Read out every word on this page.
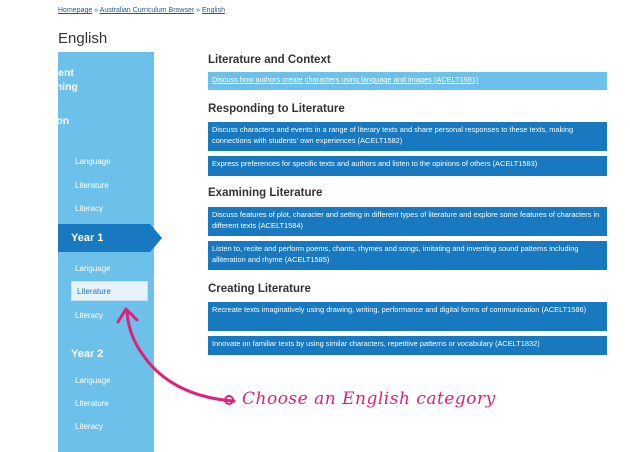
Homepage » Australian Curriculum Browser » English
English
Assessment
and Planning
Foundation
Year
Language
Literature
Literacy
Year 1
Language
Literature
Literacy
Year 2
Language
Literature
Literacy
Literature and Context
Discuss how authors create characters using language and images (ACELT1581)
Responding to Literature
Discuss characters and events in a range of literary texts and share personal responses to these texts, making connections with students' own experiences (ACELT1582)
Express preferences for specific texts and authors and listen to the opinions of others (ACELT1583)
Examining Literature
Discuss features of plot, character and setting in different types of literature and explore some features of characters in different texts (ACELT1584)
Listen to, recite and perform poems, chants, rhymes and songs, imitating and inventing sound patterns including alliteration and rhyme (ACELT1585)
Creating Literature
Recreate texts imaginatively using drawing, writing, performance and digital forms of communication (ACELT1586)
Innovate on familiar texts by using similar characters, repetitive patterns or vocabulary (ACELT1832)
Choose an English category
